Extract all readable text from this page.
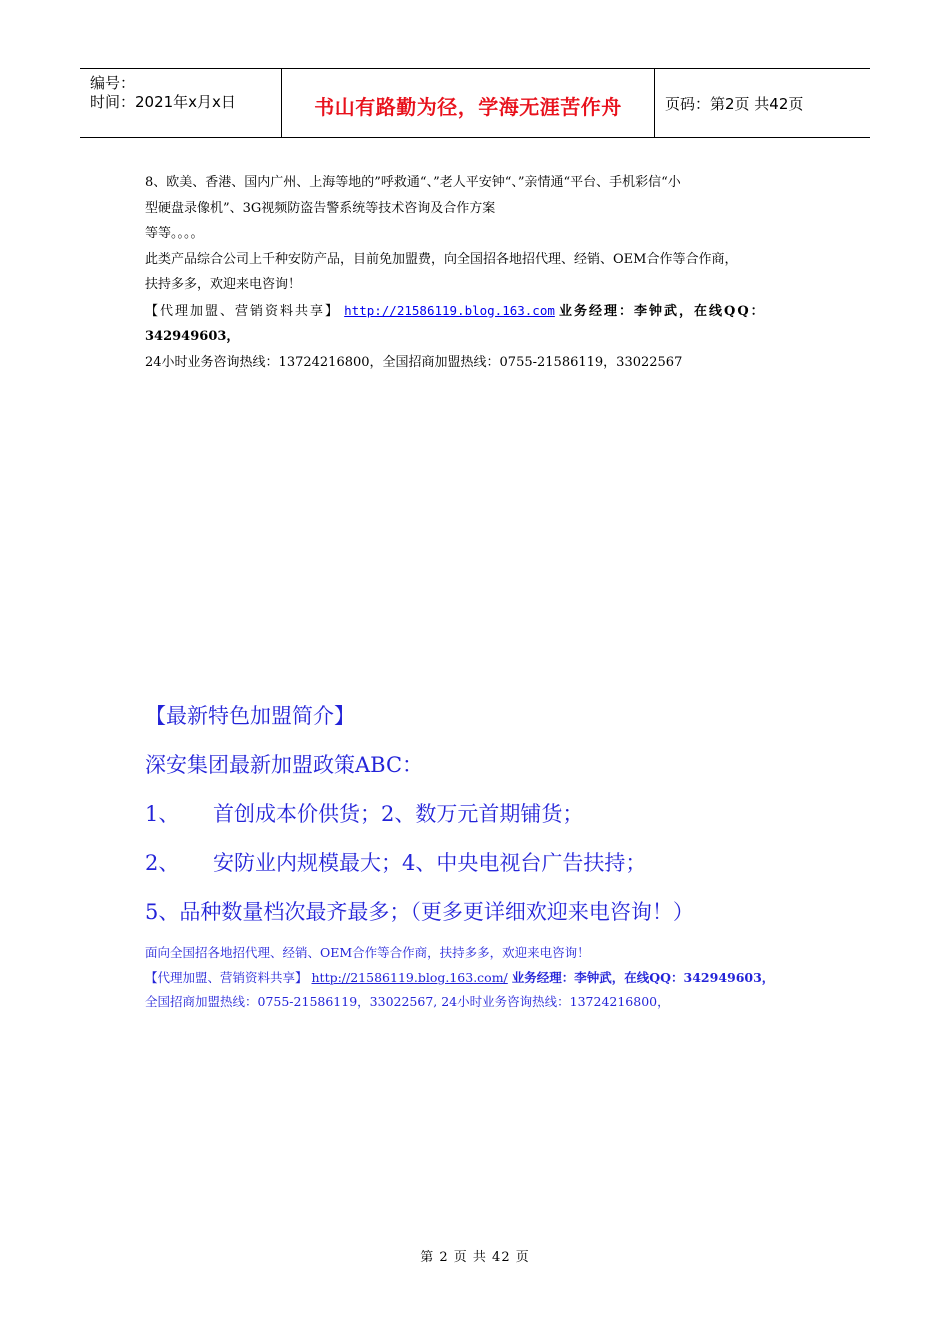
编号：
时间：2021年x月x日	书山有路勤为径，学海无涯苦作舟	页码：第2页 共42页

8、欧美、香港、国内广州、上海等地的”呼救通“、”老人平安钟“、”亲情通“平台、手机彩信“小

型硬盘录像机”、3G视频防盗告警系统等技术咨询及合作方案

等等。。。。

此类产品综合公司上千种安防产品，目前免加盟费，向全国招各地招代理、经销、OEM合作等合作商，

扶持多多，欢迎来电咨询！

【代理加盟、营销资料共享】 http://21586119.blog.163.com 业务经理：李钟武，在线QQ：

342949603，

24小时业务咨询热线：13724216800，全国招商加盟热线：0755-21586119，33022567

【最新特色加盟简介】

深安集团最新加盟政策ABC：

1、 首创成本价供货；2、数万元首期铺货；

2、 安防业内规模最大；4、中央电视台广告扶持；

5、品种数量档次最齐最多；（更多更详细欢迎来电咨询！）

面向全国招各地招代理、经销、OEM合作等合作商，扶持多多，欢迎来电咨询！

【代理加盟、营销资料共享】 http://21586119.blog.163.com/ 业务经理：李钟武，在线QQ：342949603，

全国招商加盟热线：0755-21586119，33022567, 24小时业务咨询热线：13724216800，

第 2 页 共 42 页
